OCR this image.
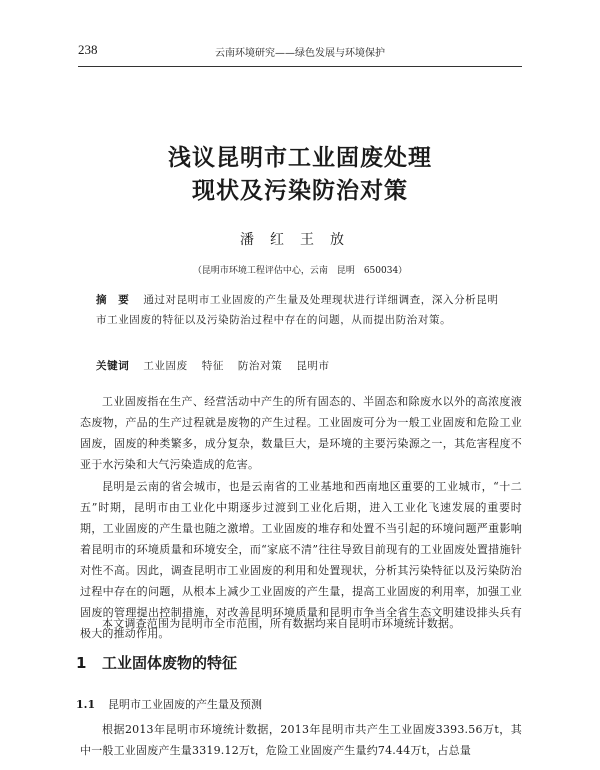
238	云南环境研究——绿色发展与环境保护
浅议昆明市工业固废处理
现状及污染防治对策
潘红王放
（昆明市环境工程评估中心，云南　昆明　650034）
摘　要 通过对昆明市工业固废的产生量及处理现状进行详细调查，深入分析昆明市工业固废的特征以及污染防治过程中存在的问题，从而提出防治对策。
关键词 工业固废 特征 防治对策 昆明市

工业固废指在生产、经营活动中产生的所有固态的、半固态和除废水以外的高浓度液态废物，产品的生产过程就是废物的产生过程。工业固废可分为一般工业固废和危险工业固废，固废的种类繁多，成分复杂，数量巨大，是环境的主要污染源之一，其危害程度不亚于水污染和大气污染造成的危害。

昆明是云南的省会城市，也是云南省的工业基地和西南地区重要的工业城市，“十二五”时期，昆明市由工业化中期逐步过渡到工业化后期，进入工业化飞速发展的重要时期，工业固废的产生量也随之激增。工业固废的堆存和处置不当引起的环境问题严重影响着昆明市的环境质量和环境安全，而“家底不清”往往导致目前现有的工业固废处置措施针对性不高。因此，调查昆明市工业固废的利用和处置现状，分析其污染特征以及污染防治过程中存在的问题，从根本上减少工业固废的产生量，提高工业固废的利用率，加强工业固废的管理提出控制措施，对改善昆明环境质量和昆明市争当全省生态文明建设排头兵有极大的推动作用。

本文调查范围为昆明市全市范围，所有数据均来自昆明市环境统计数据。

1 工业固体废物的特征
1.1 昆明市工业固废的产生量及预测

根据2013年昆明市环境统计数据，2013年昆明市共产生工业固废3393.56万t，其中一般工业固废产生量3319.12万t，危险工业固废产生量约74.44万t，占总量
